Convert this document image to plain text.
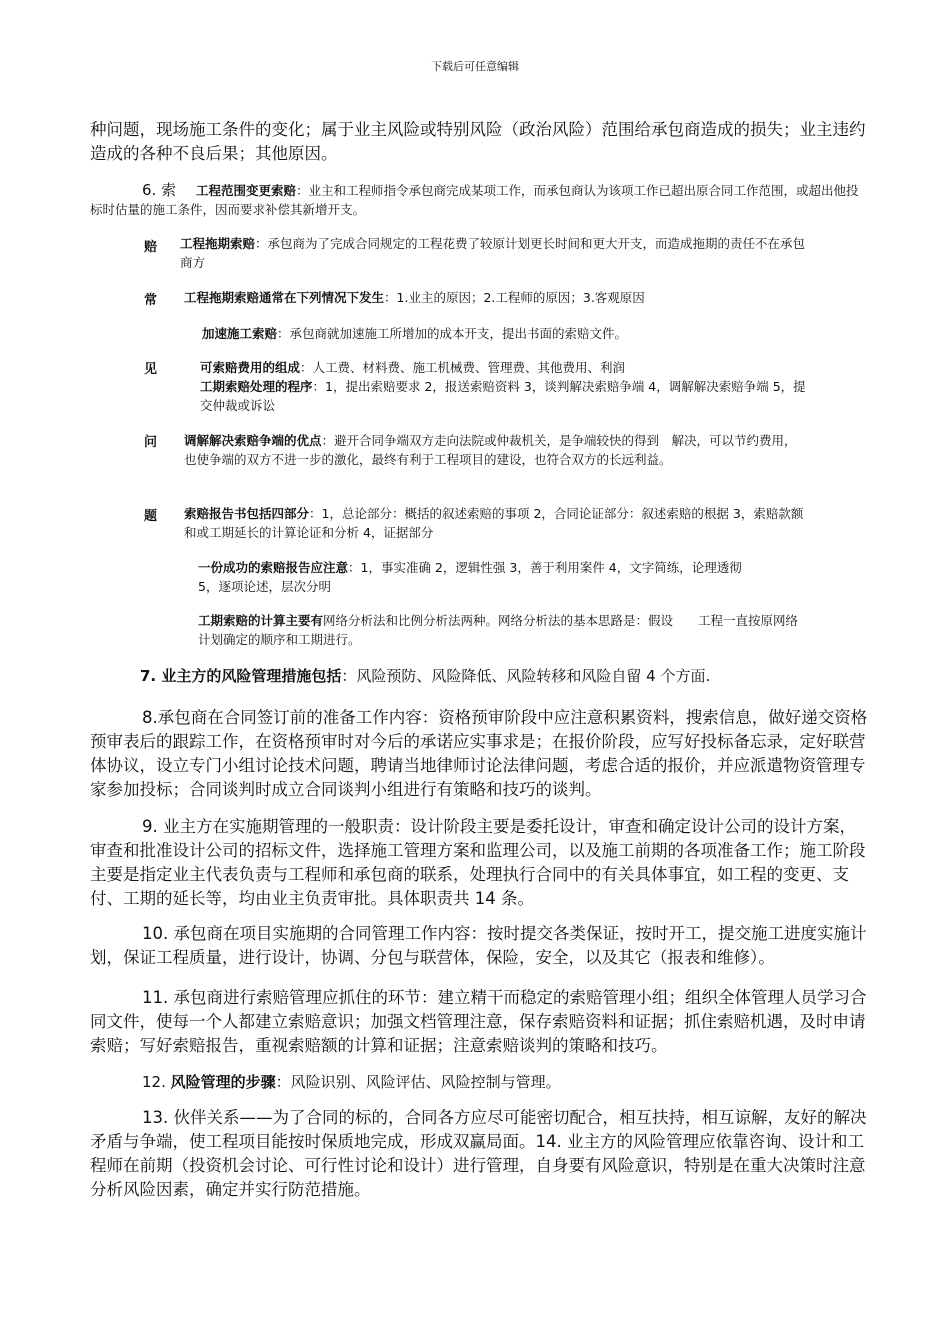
下载后可任意编辑

种问题，现场施工条件的变化；属于业主风险或特别风险（政治风险）范围给承包商造成的损失；业主违约造成的各种不良后果；其他原因。

6. 索 工程范围变更索赔：业主和工程师指令承包商完成某项工作，而承包商认为该项工作已超出原合同工作范围，或超出他投标时估量的施工条件，因而要求补偿其新增开支。

赔
常
见
问
题

工程拖期索赔：承包商为了完成合同规定的工程花费了较原计划更长时间和更大开支，而造成拖期的责任不在承包商方

工程拖期索赔通常在下列情况下发生：1.业主的原因；2.工程师的原因；3.客观原因

加速施工索赔：承包商就加速施工所增加的成本开支，提出书面的索赔文件。

可索赔费用的组成：人工费、材料费、施工机械费、管理费、其他费用、利润

工期索赔处理的程序：1，提出索赔要求 2，报送索赔资料 3，谈判解决索赔争端 4，调解解决索赔争端 5，提交仲裁或诉讼

调解解决索赔争端的优点：避开合同争端双方走向法院或仲裁机关，是争端较快的得到　解决，可以节约费用，也使争端的双方不进一步的激化，最终有利于工程项目的建设，也符合双方的长远利益。

索赔报告书包括四部分：1，总论部分：概括的叙述索赔的事项 2，合同论证部分：叙述索赔的根据 3，索赔款额和或工期延长的计算论证和分析 4，证据部分

一份成功的索赔报告应注意：1，事实准确 2，逻辑性强 3，善于利用案件 4，文字简练，论理透彻 5，逐项论述，层次分明

工期索赔的计算主要有网络分析法和比例分析法两种。网络分析法的基本思路是：假设　　工程一直按原网络计划确定的顺序和工期进行。

7. 业主方的风险管理措施包括：风险预防、风险降低、风险转移和风险自留 4 个方面.

8.承包商在合同签订前的准备工作内容：资格预审阶段中应注意积累资料，搜索信息，做好递交资格预审表后的跟踪工作，在资格预审时对今后的承诺应实事求是；在报价阶段，应写好投标备忘录，定好联营体协议，设立专门小组讨论技术问题，聘请当地律师讨论法律问题，考虑合适的报价，并应派遣物资管理专家参加投标；合同谈判时成立合同谈判小组进行有策略和技巧的谈判。

9. 业主方在实施期管理的一般职责：设计阶段主要是委托设计，审查和确定设计公司的设计方案，审查和批准设计公司的招标文件，选择施工管理方案和监理公司，以及施工前期的各项准备工作；施工阶段主要是指定业主代表负责与工程师和承包商的联系，处理执行合同中的有关具体事宜，如工程的变更、支付、工期的延长等，均由业主负责审批。具体职责共 14 条。

10. 承包商在项目实施期的合同管理工作内容：按时提交各类保证，按时开工，提交施工进度实施计划，保证工程质量，进行设计，协调、分包与联营体，保险，安全，以及其它（报表和维修）。

11. 承包商进行索赔管理应抓住的环节：建立精干而稳定的索赔管理小组；组织全体管理人员学习合同文件，使每一个人都建立索赔意识；加强文档管理注意，保存索赔资料和证据；抓住索赔机遇，及时申请索赔；写好索赔报告，重视索赔额的计算和证据；注意索赔谈判的策略和技巧。

12. 风险管理的步骤：风险识别、风险评估、风险控制与管理。

13. 伙伴关系——为了合同的标的，合同各方应尽可能密切配合，相互扶持，相互谅解，友好的解决矛盾与争端，使工程项目能按时保质地完成，形成双赢局面。14. 业主方的风险管理应依靠咨询、设计和工程师在前期（投资机会讨论、可行性讨论和设计）进行管理，自身要有风险意识，特别是在重大决策时注意分析风险因素，确定并实行防范措施。
